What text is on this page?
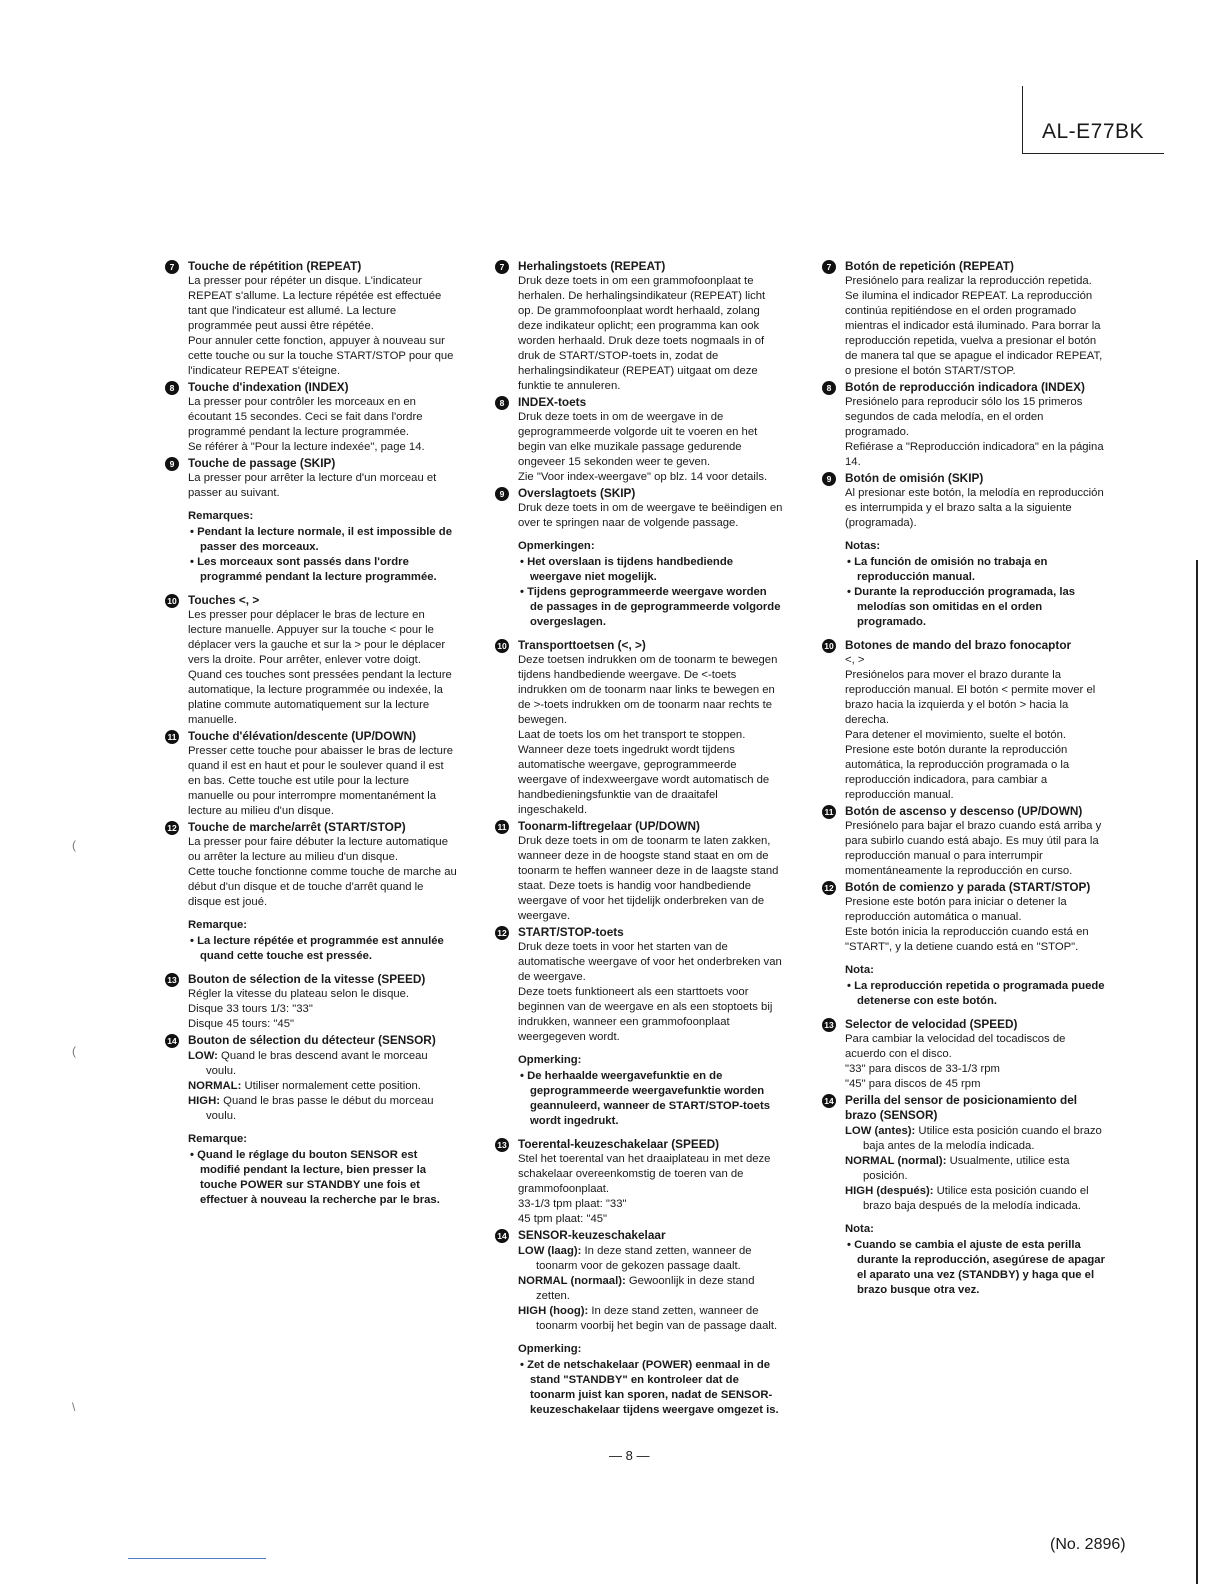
AL-E77BK
7	Touche de répétition (REPEAT)

La presser pour répéter un disque. L'indicateur REPEAT s'allume. La lecture répétée est effectuée tant que l'indicateur est allumé. La lecture programmée peut aussi être répétée.

Pour annuler cette fonction, appuyer à nouveau sur cette touche ou sur la touche START/STOP pour que l'indicateur REPEAT s'éteigne.

8	Touche d'indexation (INDEX)

La presser pour contrôler les morceaux en en écoutant 15 secondes. Ceci se fait dans l'ordre programmé pendant la lecture programmée.

Se référer à "Pour la lecture indexée", page 14.

9	Touche de passage (SKIP)

La presser pour arrêter la lecture d'un morceau et passer au suivant.

Remarques:
• Pendant la lecture normale, il est impossible de passer des morceaux.
• Les morceaux sont passés dans l'ordre programmé pendant la lecture programmée.
10 Touches <, >

Les presser pour déplacer le bras de lecture en lecture manuelle. Appuyer sur la touche < pour le déplacer vers la gauche et sur la > pour le déplacer vers la droite. Pour arrêter, enlever votre doigt.

Quand ces touches sont pressées pendant la lecture automatique, la lecture programmée ou indexée, la platine commute automatiquement sur la lecture manuelle.

11 Touche d'élévation/descente (UP/DOWN)

Presser cette touche pour abaisser le bras de lecture quand il est en haut et pour le soulever quand il est en bas. Cette touche est utile pour la lecture manuelle ou pour interrompre momentanément la lecture au milieu d'un disque.

12 Touche de marche/arrêt (START/STOP)

La presser pour faire débuter la lecture automatique ou arrêter la lecture au milieu d'un disque.

Cette touche fonctionne comme touche de marche au début d'un disque et de touche d'arrêt quand le disque est joué.

Remarque:
• La lecture répétée et programmée est annulée quand cette touche est pressée.
13 Bouton de sélection de la vitesse (SPEED)

Régler la vitesse du plateau selon le disque.

Disque 33 tours 1/3: "33"

Disque 45 tours: "45"

14 Bouton de sélection du détecteur (SENSOR)
LOW: Quand le bras descend avant le morceau voulu.
NORMAL: Utiliser normalement cette position.
HIGH: Quand le bras passe le début du morceau voulu.
Remarque:
• Quand le réglage du bouton SENSOR est modifié pendant la lecture, bien presser la touche POWER sur STANDBY une fois et effectuer à nouveau la recherche par le bras.
7	Herhalingstoets (REPEAT)

Druk deze toets in om een grammofoonplaat te herhalen. De herhalingsindikateur (REPEAT) licht op. De grammofoonplaat wordt herhaald, zolang deze indikateur oplicht; een programma kan ook worden herhaald. Druk deze toets nogmaals in of druk de START/STOP-toets in, zodat de herhalingsindikateur (REPEAT) uitgaat om deze funktie te annuleren.

8	INDEX-toets

Druk deze toets in om de weergave in de geprogrammeerde volgorde uit te voeren en het begin van elke muzikale passage gedurende ongeveer 15 sekonden weer te geven.

Zie "Voor index-weergave" op blz. 14 voor details.

9	Overslagtoets (SKIP)

Druk deze toets in om de weergave te beëindigen en over te springen naar de volgende passage.

Opmerkingen:
• Het overslaan is tijdens handbediende weergave niet mogelijk.
• Tijdens geprogrammeerde weergave worden de passages in de geprogrammeerde volgorde overgeslagen.
10 Transporttoetsen (<, >)

Deze toetsen indrukken om de toonarm te bewegen tijdens handbediende weergave. De <-toets indrukken om de toonarm naar links te bewegen en de >-toets indrukken om de toonarm naar rechts te bewegen.

Laat de toets los om het transport te stoppen. Wanneer deze toets ingedrukt wordt tijdens automatische weergave, geprogrammeerde weergave of indexweergave wordt automatisch de handbedieningsfunktie van de draaitafel ingeschakeld.

11 Toonarm-liftregelaar (UP/DOWN)

Druk deze toets in om de toonarm te laten zakken, wanneer deze in de hoogste stand staat en om de toonarm te heffen wanneer deze in de laagste stand staat. Deze toets is handig voor handbediende weergave of voor het tijdelijk onderbreken van de weergave.

12 START/STOP-toets

Druk deze toets in voor het starten van de automatische weergave of voor het onderbreken van de weergave.

Deze toets funktioneert als een starttoets voor beginnen van de weergave en als een stoptoets bij indrukken, wanneer een grammofoonplaat weergegeven wordt.

Opmerking:
• De herhaalde weergavefunktie en de geprogrammeerde weergavefunktie worden geannuleerd, wanneer de START/STOP-toets wordt ingedrukt.
13 Toerental-keuzeschakelaar (SPEED)

Stel het toerental van het draaiplateau in met deze schakelaar overeenkomstig de toeren van de grammofoonplaat.

33-1/3 tpm plaat: "33"

45 tpm plaat: "45"

14 SENSOR-keuzeschakelaar
LOW (laag): In deze stand zetten, wanneer de toonarm voor de gekozen passage daalt.
NORMAL (normaal): Gewoonlijk in deze stand zetten.
HIGH (hoog): In deze stand zetten, wanneer de toonarm voorbij het begin van de passage daalt.
Opmerking:
• Zet de netschakelaar (POWER) eenmaal in de stand "STANDBY" en kontroleer dat de toonarm juist kan sporen, nadat de SENSOR-keuzeschakelaar tijdens weergave omgezet is.
7	Botón de repetición (REPEAT)

Presiónelo para realizar la reproducción repetida. Se ilumina el indicador REPEAT. La reproducción continúa repitiéndose en el orden programado mientras el indicador está iluminado. Para borrar la reproducción repetida, vuelva a presionar el botón de manera tal que se apague el indicador REPEAT, o presione el botón START/STOP.

8	Botón de reproducción indicadora (INDEX)

Presiónelo para reproducir sólo los 15 primeros segundos de cada melodía, en el orden programado.

Refiérase a "Reproducción indicadora" en la página 14.

9	Botón de omisión (SKIP)

Al presionar este botón, la melodía en reproducción es interrumpida y el brazo salta a la siguiente (programada).

Notas:
• La función de omisión no trabaja en reproducción manual.
• Durante la reproducción programada, las melodías son omitidas en el orden programado.
10 Botones de mando del brazo fonocaptor

<, >

Presiónelos para mover el brazo durante la reproducción manual. El botón < permite mover el brazo hacia la izquierda y el botón > hacia la derecha.

Para detener el movimiento, suelte el botón. Presione este botón durante la reproducción automática, la reproducción programada o la reproducción indicadora, para cambiar a reproducción manual.

11 Botón de ascenso y descenso (UP/DOWN)

Presiónelo para bajar el brazo cuando está arriba y para subirlo cuando está abajo. Es muy útil para la reproducción manual o para interrumpir momentáneamente la reproducción en curso.

12 Botón de comienzo y parada (START/STOP)

Presione este botón para iniciar o detener la reproducción automática o manual.

Este botón inicia la reproducción cuando está en "START", y la detiene cuando está en "STOP".

Nota:
• La reproducción repetida o programada puede detenerse con este botón.
13 Selector de velocidad (SPEED)

Para cambiar la velocidad del tocadiscos de acuerdo con el disco.

"33" para discos de 33-1/3 rpm

"45" para discos de 45 rpm

14 Perilla del sensor de posicionamiento del brazo (SENSOR)
LOW (antes): Utilice esta posición cuando el brazo baja antes de la melodía indicada.
NORMAL (normal): Usualmente, utilice esta posición.
HIGH (después): Utilice esta posición cuando el brazo baja después de la melodía indicada.
Nota:
• Cuando se cambia el ajuste de esta perilla durante la reproducción, asegúrese de apagar el aparato una vez (STANDBY) y haga que el brazo busque otra vez.
— 8 —
(No. 2896)
(
(
\
